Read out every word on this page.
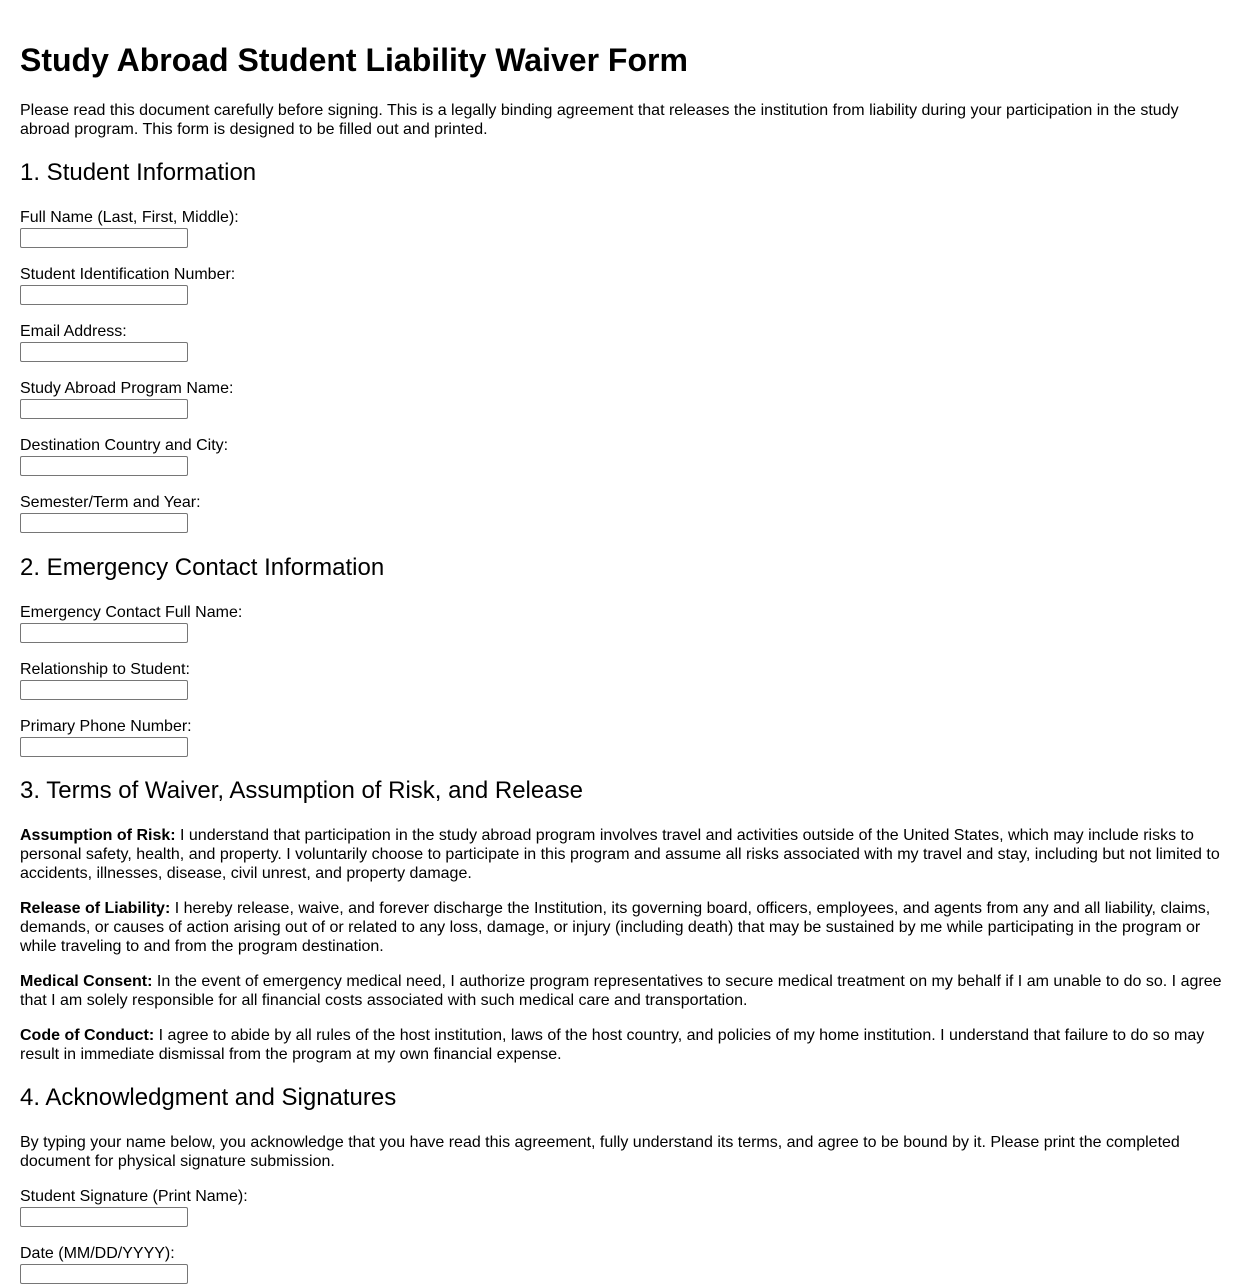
Study Abroad Student Liability Waiver Form

Please read this document carefully before signing. This is a legally binding agreement that releases the institution from liability during your participation in the study abroad program. This form is designed to be filled out and printed.

1. Student Information
Full Name (Last, First, Middle):
Student Identification Number:
Email Address:
Study Abroad Program Name:
Destination Country and City:
Semester/Term and Year:
2. Emergency Contact Information
Emergency Contact Full Name:
Relationship to Student:
Primary Phone Number:
3. Terms of Waiver, Assumption of Risk, and Release

Assumption of Risk: I understand that participation in the study abroad program involves travel and activities outside of the United States, which may include risks to personal safety, health, and property. I voluntarily choose to participate in this program and assume all risks associated with my travel and stay, including but not limited to accidents, illnesses, disease, civil unrest, and property damage.

Release of Liability: I hereby release, waive, and forever discharge the Institution, its governing board, officers, employees, and agents from any and all liability, claims, demands, or causes of action arising out of or related to any loss, damage, or injury (including death) that may be sustained by me while participating in the program or while traveling to and from the program destination.

Medical Consent: In the event of emergency medical need, I authorize program representatives to secure medical treatment on my behalf if I am unable to do so. I agree that I am solely responsible for all financial costs associated with such medical care and transportation.

Code of Conduct: I agree to abide by all rules of the host institution, laws of the host country, and policies of my home institution. I understand that failure to do so may result in immediate dismissal from the program at my own financial expense.

4. Acknowledgment and Signatures

By typing your name below, you acknowledge that you have read this agreement, fully understand its terms, and agree to be bound by it. Please print the completed document for physical signature submission.

Student Signature (Print Name):
Date (MM/DD/YYYY):
